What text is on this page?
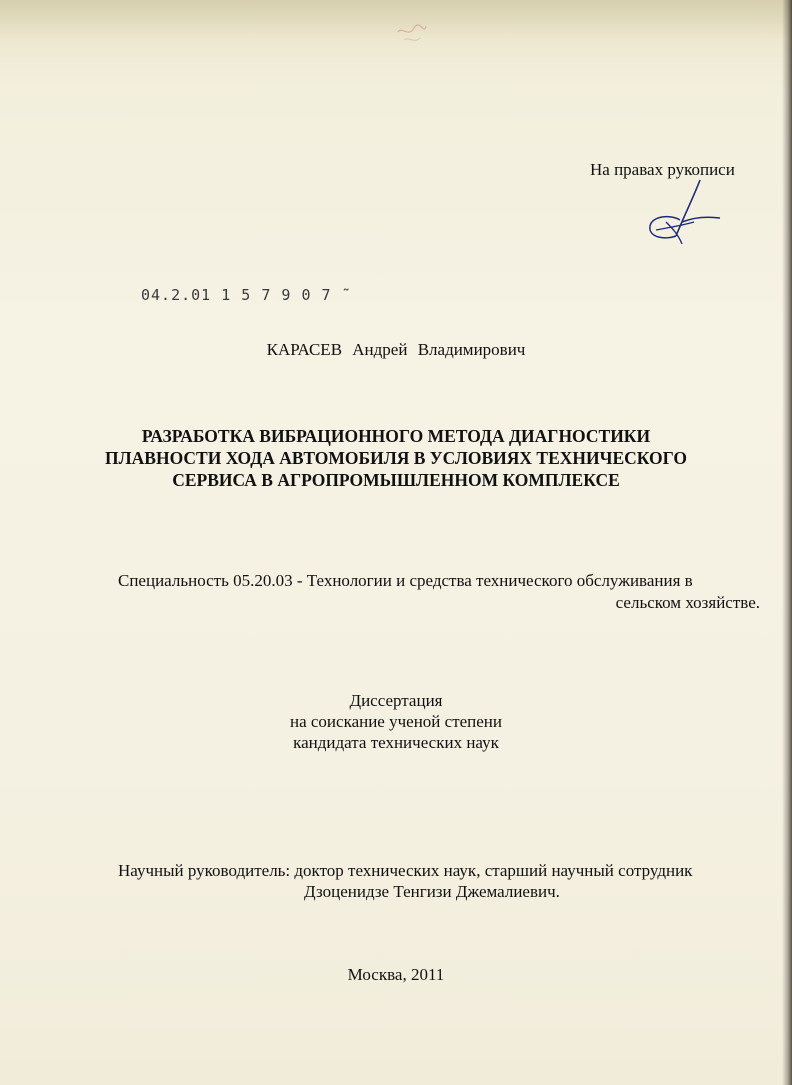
На правах рукописи
04.2.01 1 5 7 9 0 7 ˜
КАРАСЕВ Андрей Владимирович
РАЗРАБОТКА ВИБРАЦИОННОГО МЕТОДА ДИАГНОСТИКИ
ПЛАВНОСТИ ХОДА АВТОМОБИЛЯ В УСЛОВИЯХ ТЕХНИЧЕСКОГО
СЕРВИСА В АГРОПРОМЫШЛЕННОМ КОМПЛЕКСЕ
Специальность 05.20.03 - Технологии и средства технического обслуживания в
сельском хозяйстве.
Диссертация
на соискание ученой степени
кандидата технических наук
Научный руководитель: доктор технических наук, старший научный сотрудник
Дзоценидзе Тенгизи Джемалиевич.
Москва, 2011
